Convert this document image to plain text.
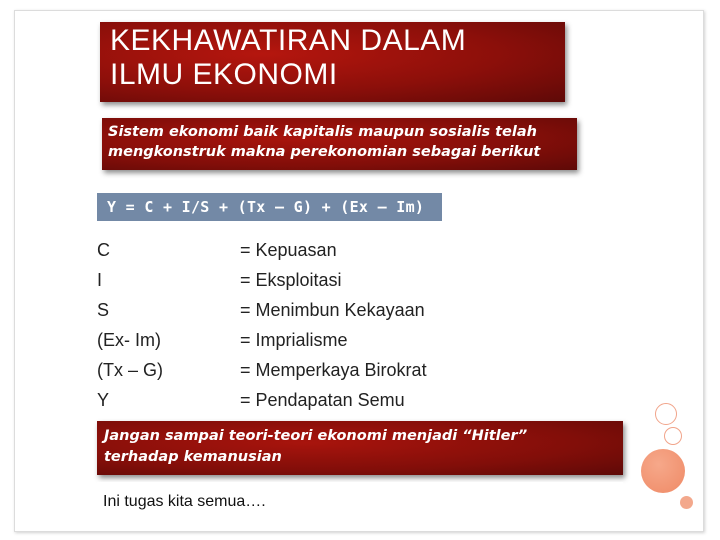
KEKHAWATIRAN DALAM
ILMU EKONOMI
Sistem ekonomi baik kapitalis maupun sosialis telah
mengkonstruk makna perekonomian sebagai berikut
Y = C + I/S + (Tx – G) + (Ex – Im)
C
I
S
(Ex- Im)
(Tx – G)
Y
= Kepuasan
= Eksploitasi
= Menimbun Kekayaan
= Imprialisme
= Memperkaya Birokrat
= Pendapatan Semu
Jangan sampai teori-teori ekonomi menjadi “Hitler”
terhadap kemanusian
Ini tugas kita semua….
